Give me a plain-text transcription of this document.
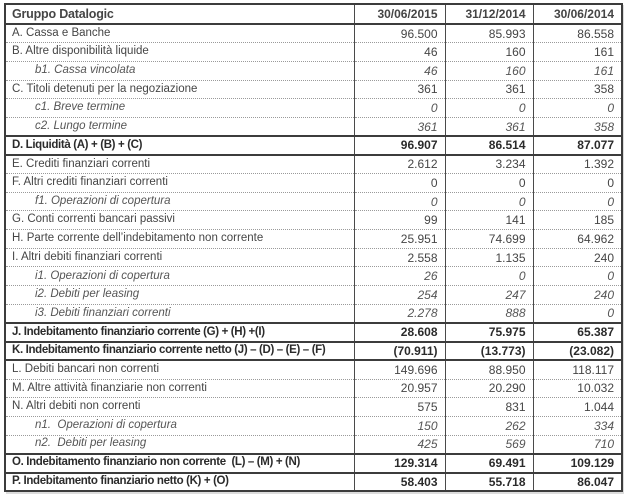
Gruppo Datalogic	30/06/2015	31/12/2014	30/06/2014
A. Cassa e Banche	96.500	85.993	86.558
B. Altre disponibilità liquide	46	160	161
b1. Cassa vincolata	46	160	161
C. Titoli detenuti per la negoziazione	361	361	358
c1. Breve termine	0	0	0
c2. Lungo termine	361	361	358
D. Liquidità (A) + (B) + (C)	96.907	86.514	87.077
E. Crediti finanziari correnti	2.612	3.234	1.392
F. Altri crediti finanziari correnti	0	0	0
f1. Operazioni di copertura	0	0	0
G. Conti correnti bancari passivi	99	141	185
H. Parte corrente dell’indebitamento non corrente	25.951	74.699	64.962
I. Altri debiti finanziari correnti	2.558	1.135	240
i1. Operazioni di copertura	26	0	0
i2. Debiti per leasing	254	247	240
i3. Debiti finanziari correnti	2.278	888	0
J. Indebitamento finanziario corrente (G) + (H) +(I)	28.608	75.975	65.387
K. Indebitamento finanziario corrente netto (J) – (D) – (E) – (F)	(70.911)	(13.773)	(23.082)
L. Debiti bancari non correnti	149.696	88.950	118.117
M. Altre attività finanziarie non correnti	20.957	20.290	10.032
N. Altri debiti non correnti	575	831	1.044
n1.  Operazioni di copertura	150	262	334
n2.  Debiti per leasing	425	569	710
O. Indebitamento finanziario non corrente  (L) – (M) + (N)	129.314	69.491	109.129
P. Indebitamento finanziario netto (K) + (O)	58.403	55.718	86.047
